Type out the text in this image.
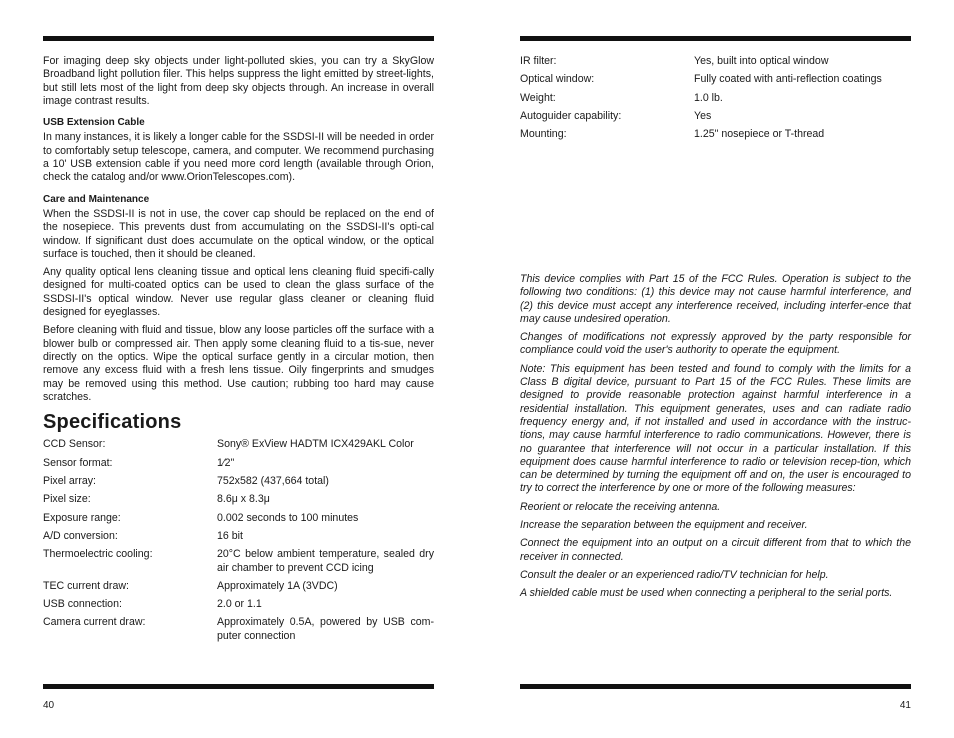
For imaging deep sky objects under light-polluted skies, you can try a SkyGlow Broadband light pollution filer. This helps suppress the light emitted by street-lights, but still lets most of the light from deep sky objects through. An increase in overall image contrast results.

USB Extension Cable

In many instances, it is likely a longer cable for the SSDSI-II will be needed in order to comfortably setup telescope, camera, and computer. We recommend purchasing a 10' USB extension cable if you need more cord length (available through Orion, check the catalog and/or www.OrionTelescopes.com).

Care and Maintenance

When the SSDSI-II is not in use, the cover cap should be replaced on the end of the nosepiece. This prevents dust from accumulating on the SSDSI-II's opti-cal window. If significant dust does accumulate on the optical window, or the optical surface is touched, then it should be cleaned.

Any quality optical lens cleaning tissue and optical lens cleaning fluid specifi-cally designed for multi-coated optics can be used to clean the glass surface of the SSDSI-II's optical window. Never use regular glass cleaner or cleaning fluid designed for eyeglasses.

Before cleaning with fluid and tissue, blow any loose particles off the surface with a blower bulb or compressed air. Then apply some cleaning fluid to a tis-sue, never directly on the optics. Wipe the optical surface gently in a circular motion, then remove any excess fluid with a fresh lens tissue. Oily fingerprints and smudges may be removed using this method. Use caution; rubbing too hard may cause scratches.

Specifications
CCD Sensor:	Sony® ExView HADTM ICX429AKL Color
Sensor format:	1⁄2"
Pixel array:	752x582 (437,664 total)
Pixel size:	8.6μ x 8.3μ
Exposure range:	0.002 seconds to 100 minutes
A/D conversion:	16 bit
Thermoelectric cooling:	20°C below ambient temperature, sealed dry air chamber to prevent CCD icing
TEC current draw:	Approximately 1A (3VDC)
USB connection:	2.0 or 1.1
Camera current draw:	Approximately 0.5A, powered by USB com-puter connection
40
IR filter:	Yes, built into optical window
Optical window:	Fully coated with anti-reflection coatings
Weight:	1.0 lb.
Autoguider capability:	Yes
Mounting:	1.25" nosepiece or T-thread

This device complies with Part 15 of the FCC Rules. Operation is subject to the following two conditions: (1) this device may not cause harmful interference, and (2) this device must accept any interference received, including interfer-ence that may cause undesired operation.

Changes of modifications not expressly approved by the party responsible for compliance could void the user's authority to operate the equipment.

Note: This equipment has been tested and found to comply with the limits for a Class B digital device, pursuant to Part 15 of the FCC Rules. These limits are designed to provide reasonable protection against harmful interference in a residential installation. This equipment generates, uses and can radiate radio frequency energy and, if not installed and used in accordance with the instruc-tions, may cause harmful interference to radio communications. However, there is no guarantee that interference will not occur in a particular installation. If this equipment does cause harmful interference to radio or television recep-tion, which can be determined by turning the equipment off and on, the user is encouraged to try to correct the interference by one or more of the following measures:

Reorient or relocate the receiving antenna.

Increase the separation between the equipment and receiver.

Connect the equipment into an output on a circuit different from that to which the receiver in connected.

Consult the dealer or an experienced radio/TV technician for help.

A shielded cable must be used when connecting a peripheral to the serial ports.

41
